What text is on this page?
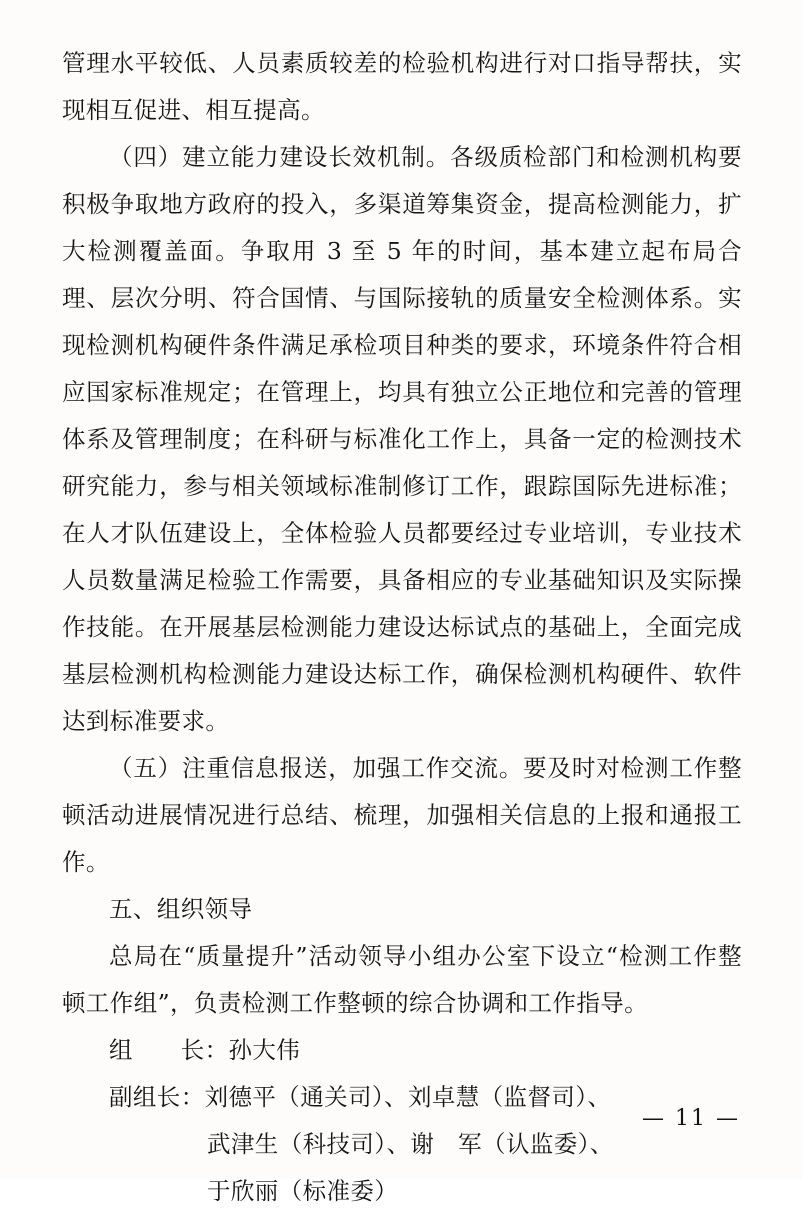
管理水平较低、人员素质较差的检验机构进行对口指导帮扶，实现相互促进、相互提高。

（四）建立能力建设长效机制。各级质检部门和检测机构要积极争取地方政府的投入，多渠道筹集资金，提高检测能力，扩大检测覆盖面。争取用 3 至 5 年的时间，基本建立起布局合理、层次分明、符合国情、与国际接轨的质量安全检测体系。实现检测机构硬件条件满足承检项目种类的要求，环境条件符合相应国家标准规定；在管理上，均具有独立公正地位和完善的管理体系及管理制度；在科研与标准化工作上，具备一定的检测技术研究能力，参与相关领域标准制修订工作，跟踪国际先进标准；在人才队伍建设上，全体检验人员都要经过专业培训，专业技术人员数量满足检验工作需要，具备相应的专业基础知识及实际操作技能。在开展基层检测能力建设达标试点的基础上，全面完成基层检测机构检测能力建设达标工作，确保检测机构硬件、软件达到标准要求。

（五）注重信息报送，加强工作交流。要及时对检测工作整顿活动进展情况进行总结、梳理，加强相关信息的上报和通报工作。

五、组织领导

总局在“质量提升”活动领导小组办公室下设立“检测工作整顿工作组”，负责检测工作整顿的综合协调和工作指导。

组　　长：孙大伟
副组长：刘德平（通关司）、刘卓慧（监督司）、
武津生（科技司）、谢　军（认监委）、
于欣丽（标准委）
— 11 —
